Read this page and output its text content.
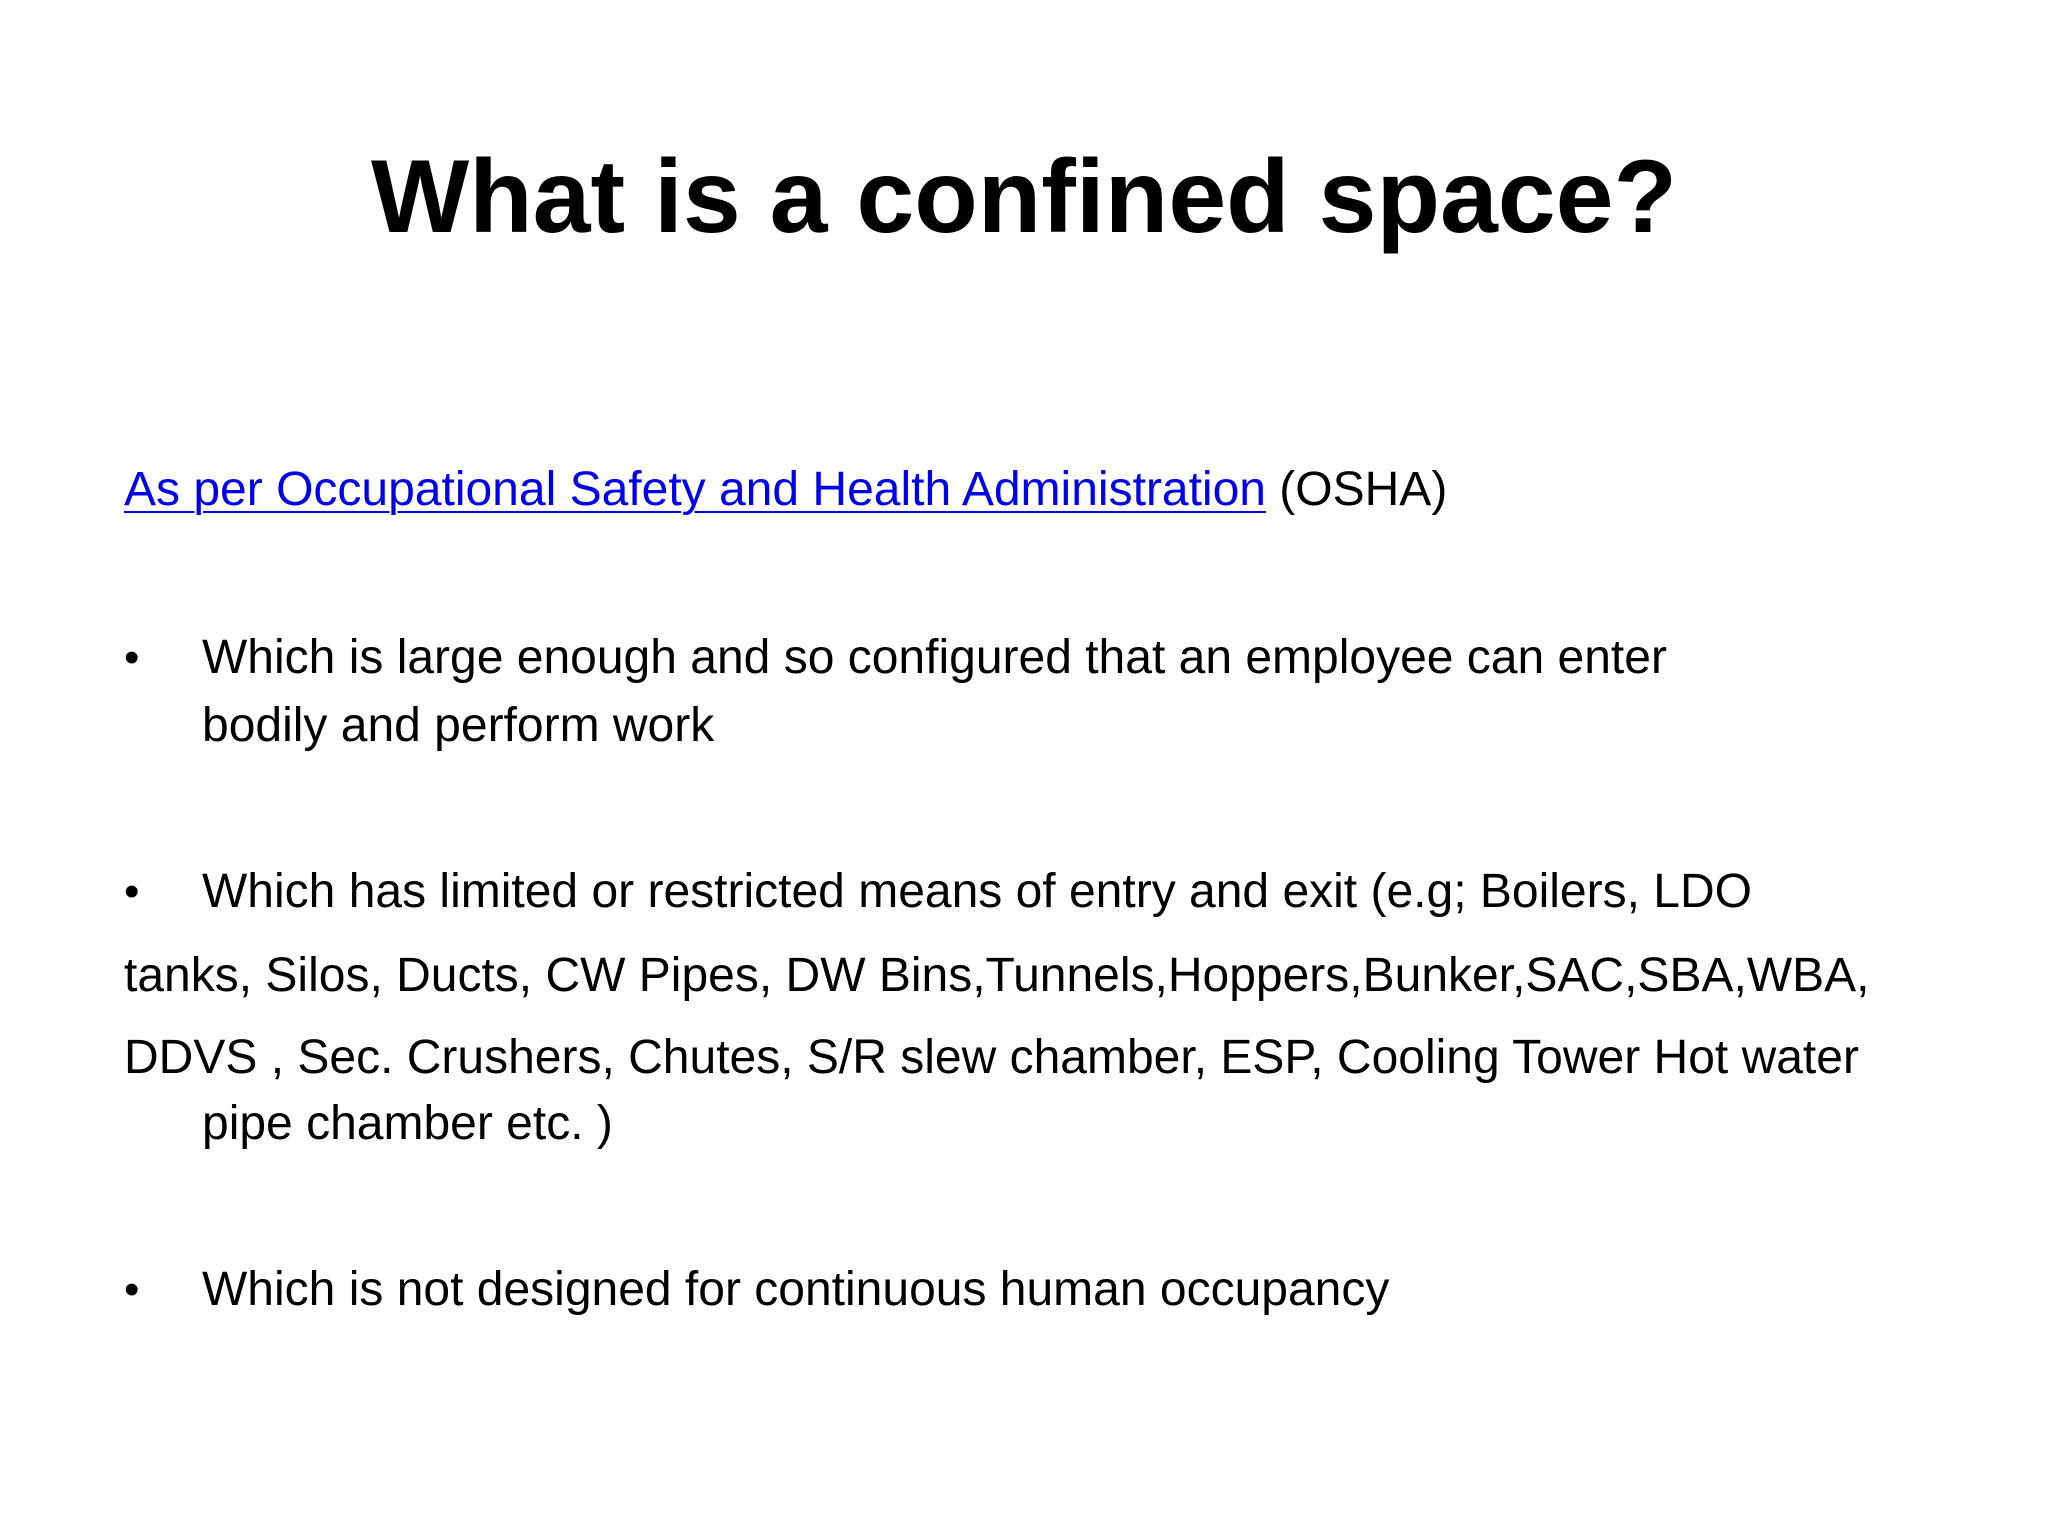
What is a confined space?
As per Occupational Safety and Health Administration (OSHA)
• Which is large enough and so configured that an employee can enter
bodily and perform work
• Which has limited or restricted means of entry and exit (e.g; Boilers, LDO
tanks, Silos, Ducts, CW Pipes, DW Bins,Tunnels,Hoppers,Bunker,SAC,SBA,WBA,
DDVS , Sec. Crushers, Chutes, S/R slew chamber, ESP, Cooling Tower Hot water
pipe chamber etc. )
• Which is not designed for continuous human occupancy
